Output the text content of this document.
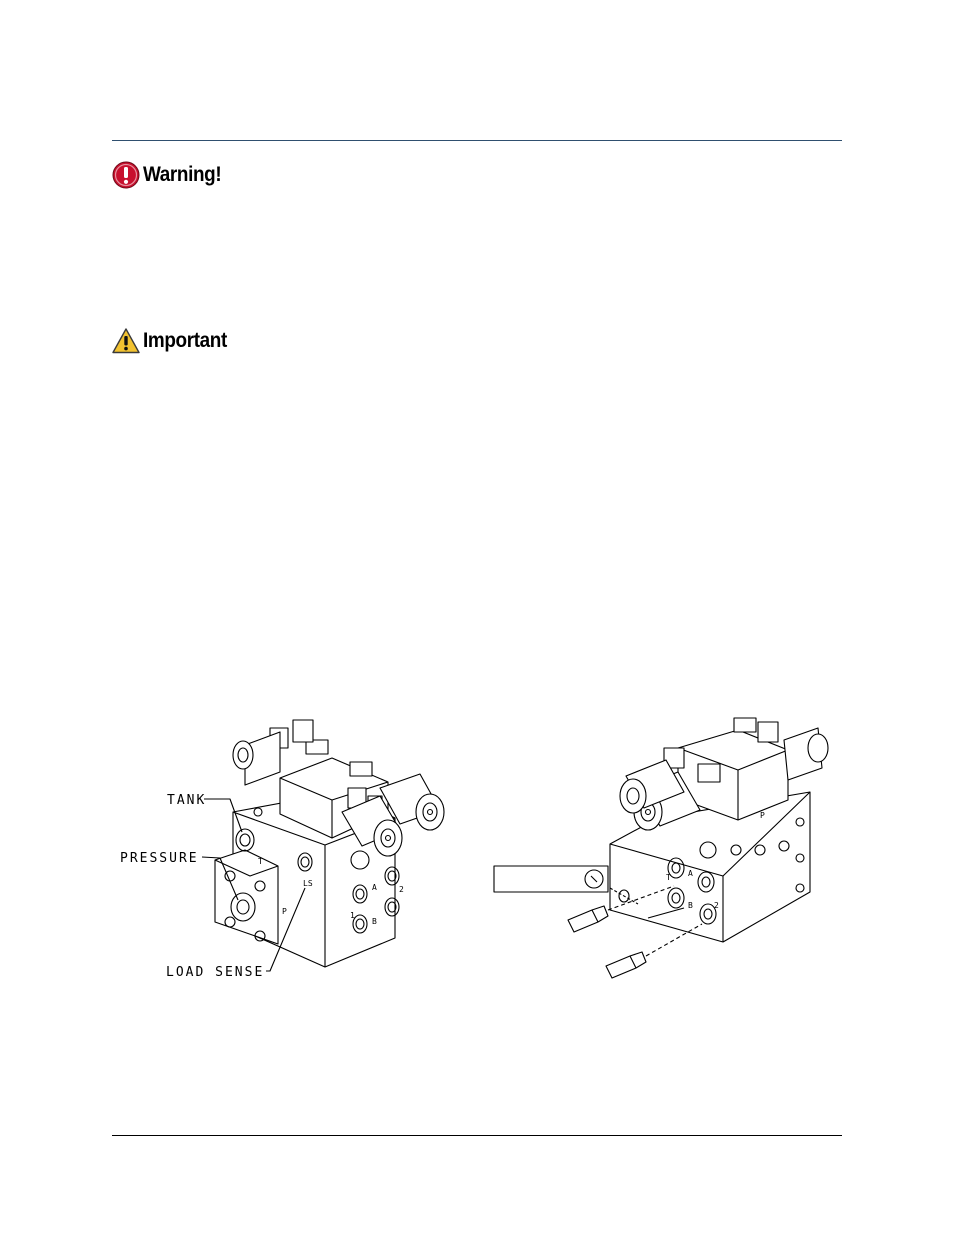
Warning!
Important
T
LS
P
A
B
1
2
TANK
PRESSURE
LOAD SENSE
T A
B	2
P
